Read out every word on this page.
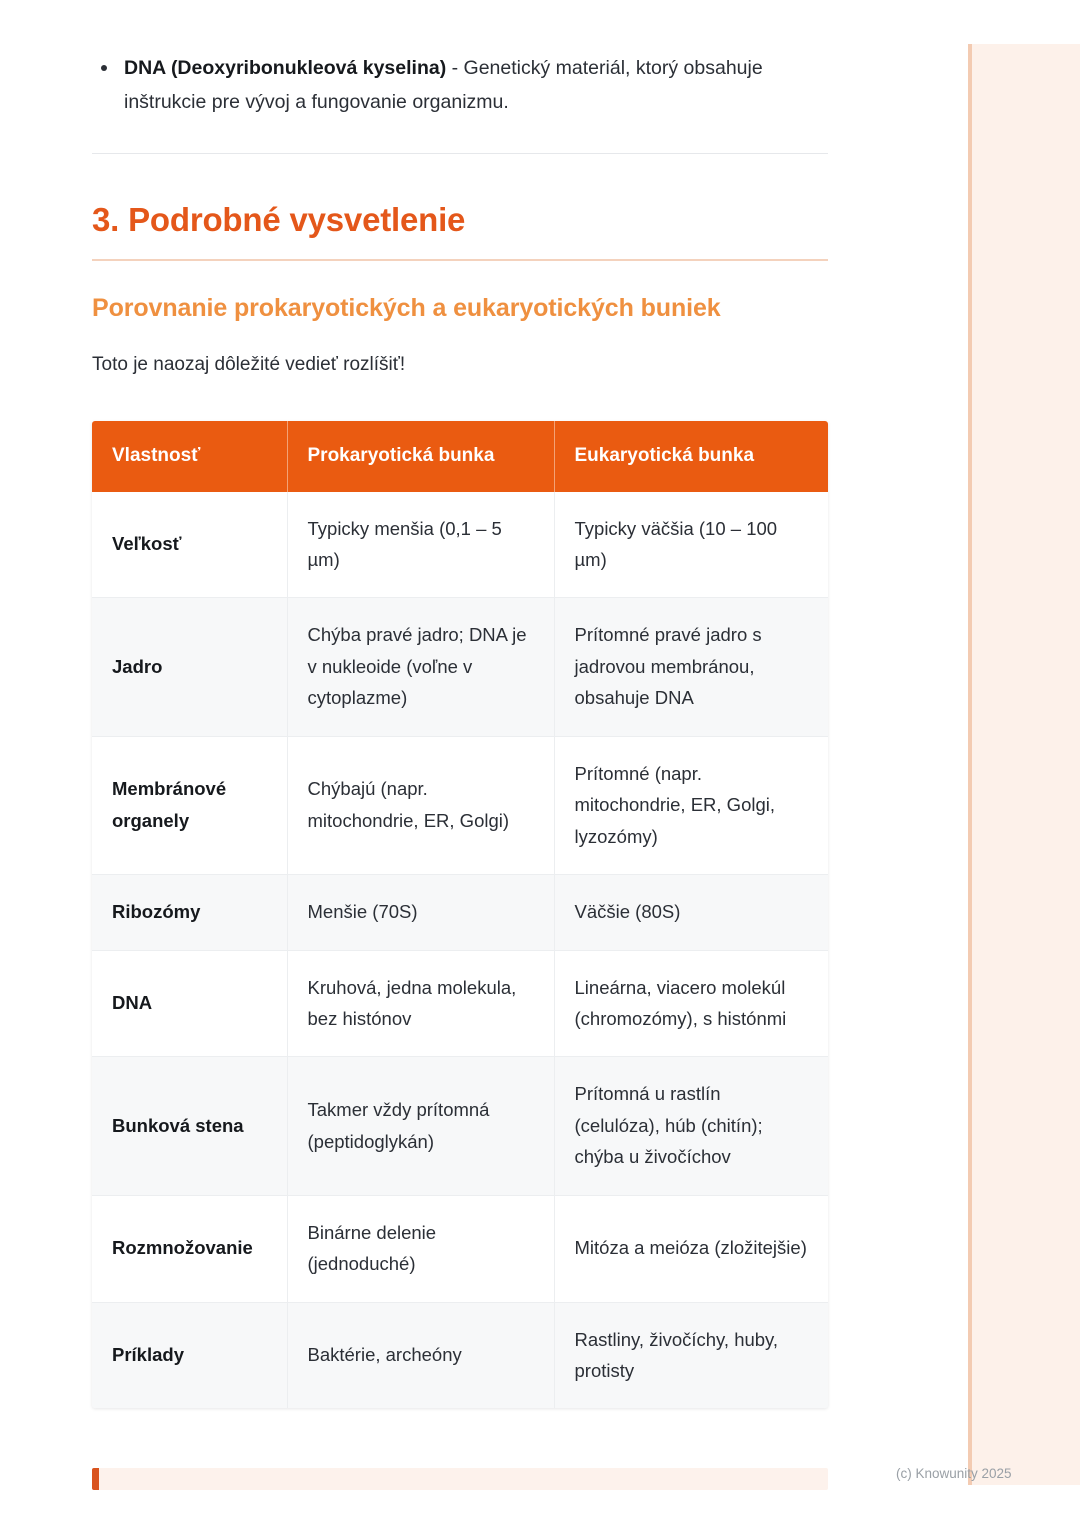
DNA (Deoxyribonukleová kyselina) - Genetický materiál, ktorý obsahuje inštrukcie pre vývoj a fungovanie organizmu.
3. Podrobné vysvetlenie
Porovnanie prokaryotických a eukaryotických buniek

Toto je naozaj dôležité vedieť rozlíšiť!

Vlastnosť	Prokaryotická bunka	Eukaryotická bunka
Veľkosť	Typicky menšia (0,1 – 5 µm)	Typicky väčšia (10 – 100 µm)
Jadro	Chýba pravé jadro; DNA je v nukleoide (voľne v cytoplazme)	Prítomné pravé jadro s jadrovou membránou, obsahuje DNA
Membránové organely	Chýbajú (napr. mitochondrie, ER, Golgi)	Prítomné (napr. mitochondrie, ER, Golgi, lyzozómy)
Ribozómy	Menšie (70S)	Väčšie (80S)
DNA	Kruhová, jedna molekula, bez histónov	Lineárna, viacero molekúl (chromozómy), s histónmi
Bunková stena	Takmer vždy prítomná (peptidoglykán)	Prítomná u rastlín (celulóza), húb (chitín); chýba u živočíchov
Rozmnožovanie	Binárne delenie (jednoduché)	Mitóza a meióza (zložitejšie)
Príklady	Baktérie, archeóny	Rastliny, živočíchy, huby, protisty
(c) Knowunity 2025
